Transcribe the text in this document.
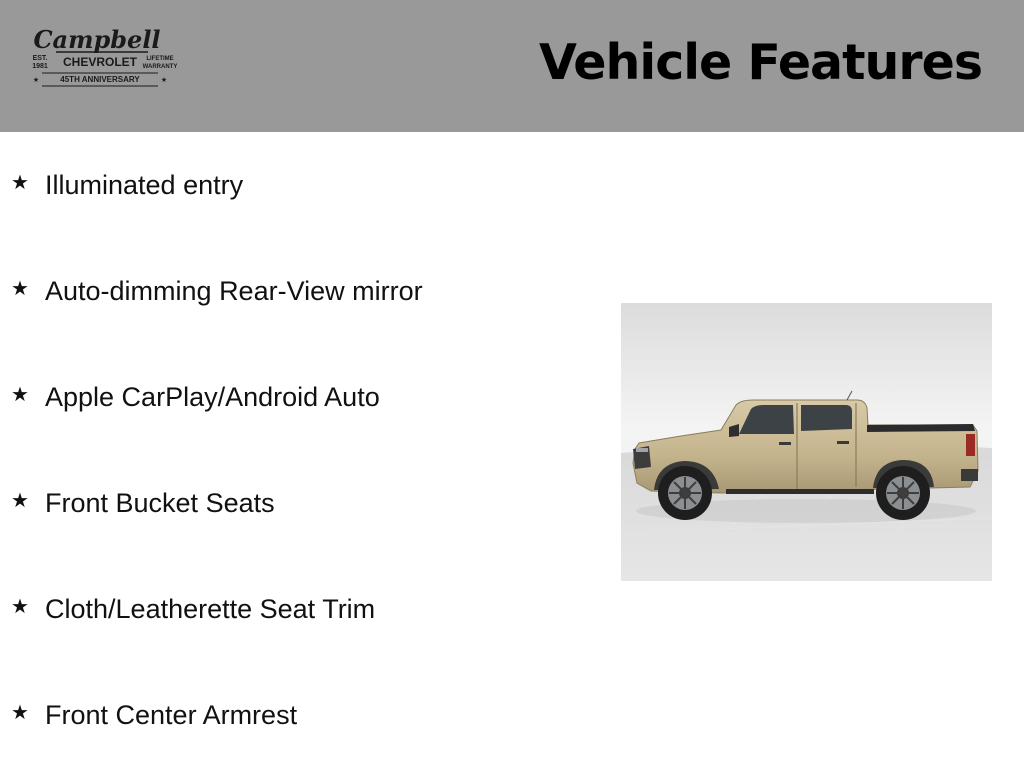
Campbell
EST.
1981 CHEVROLET LIFETIME
WARRANTY
★	45TH ANNIVERSARY	★	Vehicle Features
★ Illuminated entry
★ Auto-dimming Rear-View mirror
★ Apple CarPlay/Android Auto
★ Front Bucket Seats
★ Cloth/Leatherette Seat Trim
★ Front Center Armrest
